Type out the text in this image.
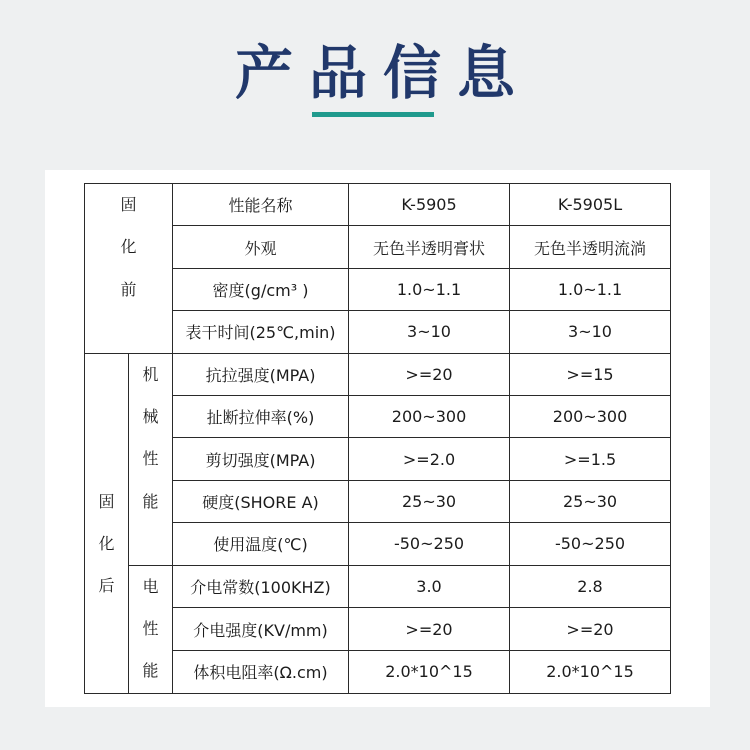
产品信息
固
化
前		性能名称	K-5905	K-5905L
		外观	无色半透明膏状	无色半透明流淌
		密度(g/cm³ )	1.0~1.1	1.0~1.1
		表干时间(25℃,min)	3~10	3~10

固
化
后	机
械
性
能	抗拉强度(MPA)	>=20	>=15
		扯断拉伸率(%)	200~300	200~300
		剪切强度(MPA)	>=2.0	>=1.5
		硬度(SHORE A)	25~30	25~30
		使用温度(℃)	-50~250	-50~250

	电
性
能	介电常数(100KHZ)	3.0	2.8
		介电强度(KV/mm)	>=20	>=20
		体积电阻率(Ω.cm)	2.0*10^15	2.0*10^15
